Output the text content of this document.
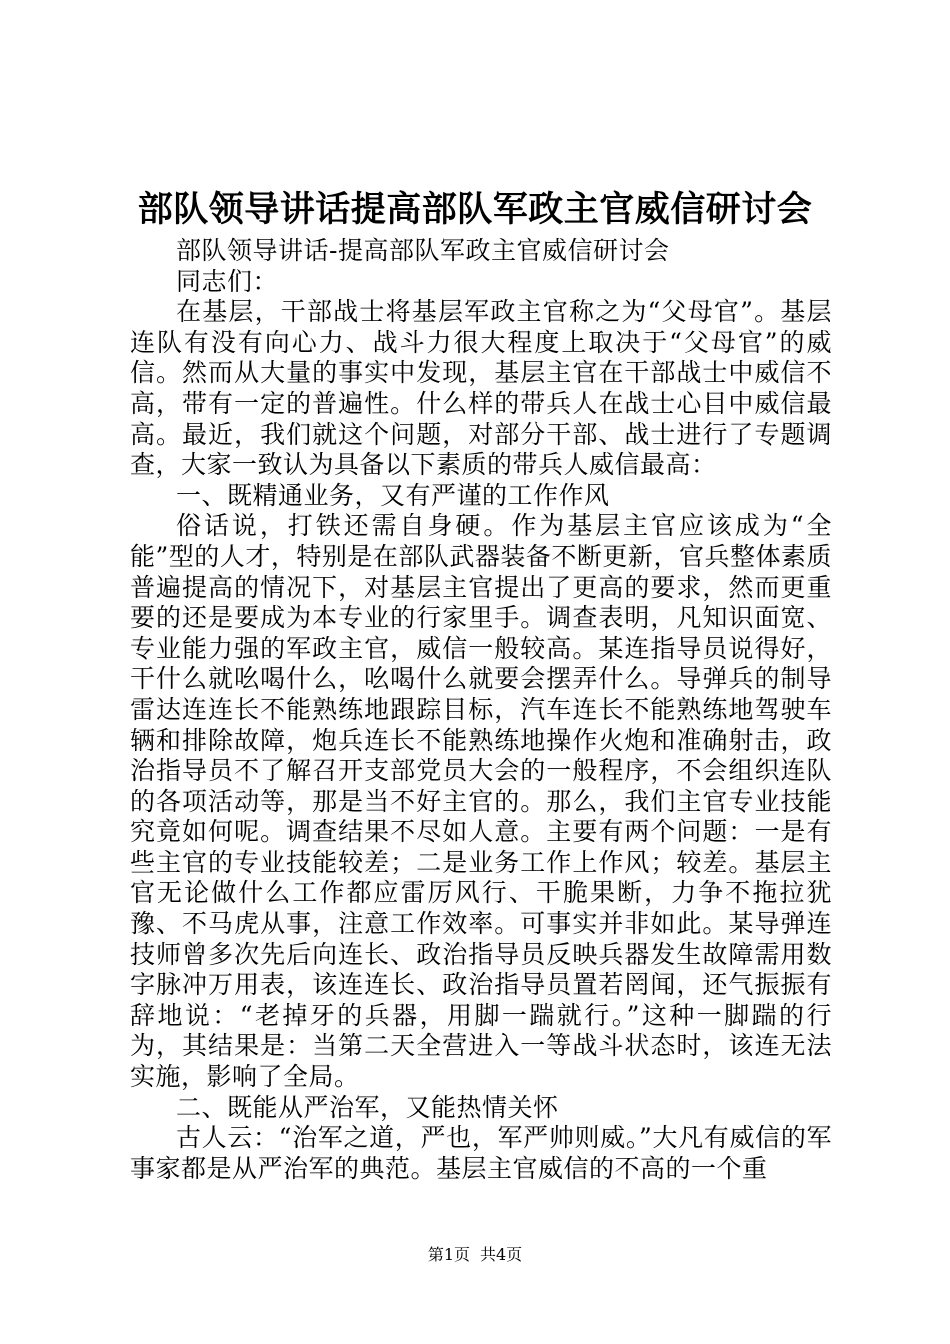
部队领导讲话提高部队军政主官威信研讨会

部队领导讲话-提高部队军政主官威信研讨会

同志们：

在基层，干部战士将基层军政主官称之为“父母官”。基层连队有没有向心力、战斗力很大程度上取决于“父母官”的威信。然而从大量的事实中发现，基层主官在干部战士中威信不高，带有一定的普遍性。什么样的带兵人在战士心目中威信最高。最近，我们就这个问题，对部分干部、战士进行了专题调查，大家一致认为具备以下素质的带兵人威信最高：

一、既精通业务，又有严谨的工作作风

俗话说，打铁还需自身硬。作为基层主官应该成为“全能”型的人才，特别是在部队武器装备不断更新，官兵整体素质普遍提高的情况下，对基层主官提出了更高的要求，然而更重要的还是要成为本专业的行家里手。调查表明，凡知识面宽、专业能力强的军政主官，威信一般较高。某连指导员说得好，干什么就吆喝什么，吆喝什么就要会摆弄什么。导弹兵的制导雷达连连长不能熟练地跟踪目标，汽车连长不能熟练地驾驶车辆和排除故障，炮兵连长不能熟练地操作火炮和准确射击，政治指导员不了解召开支部党员大会的一般程序，不会组织连队的各项活动等，那是当不好主官的。那么，我们主官专业技能究竟如何呢。调查结果不尽如人意。主要有两个问题：一是有些主官的专业技能较差；二是业务工作上作风；较差。基层主官无论做什么工作都应雷厉风行、干脆果断，力争不拖拉犹豫、不马虎从事，注意工作效率。可事实并非如此。某导弹连技师曾多次先后向连长、政治指导员反映兵器发生故障需用数字脉冲万用表，该连连长、政治指导员置若罔闻，还气振振有辞地说：“老掉牙的兵器，用脚一踹就行。”这种一脚踹的行为，其结果是：当第二天全营进入一等战斗状态时，该连无法实施，影响了全局。

二、既能从严治军，又能热情关怀

古人云：“治军之道，严也，军严帅则威。”大凡有威信的军事家都是从严治军的典范。基层主官威信的不高的一个重

第1页 共4页
